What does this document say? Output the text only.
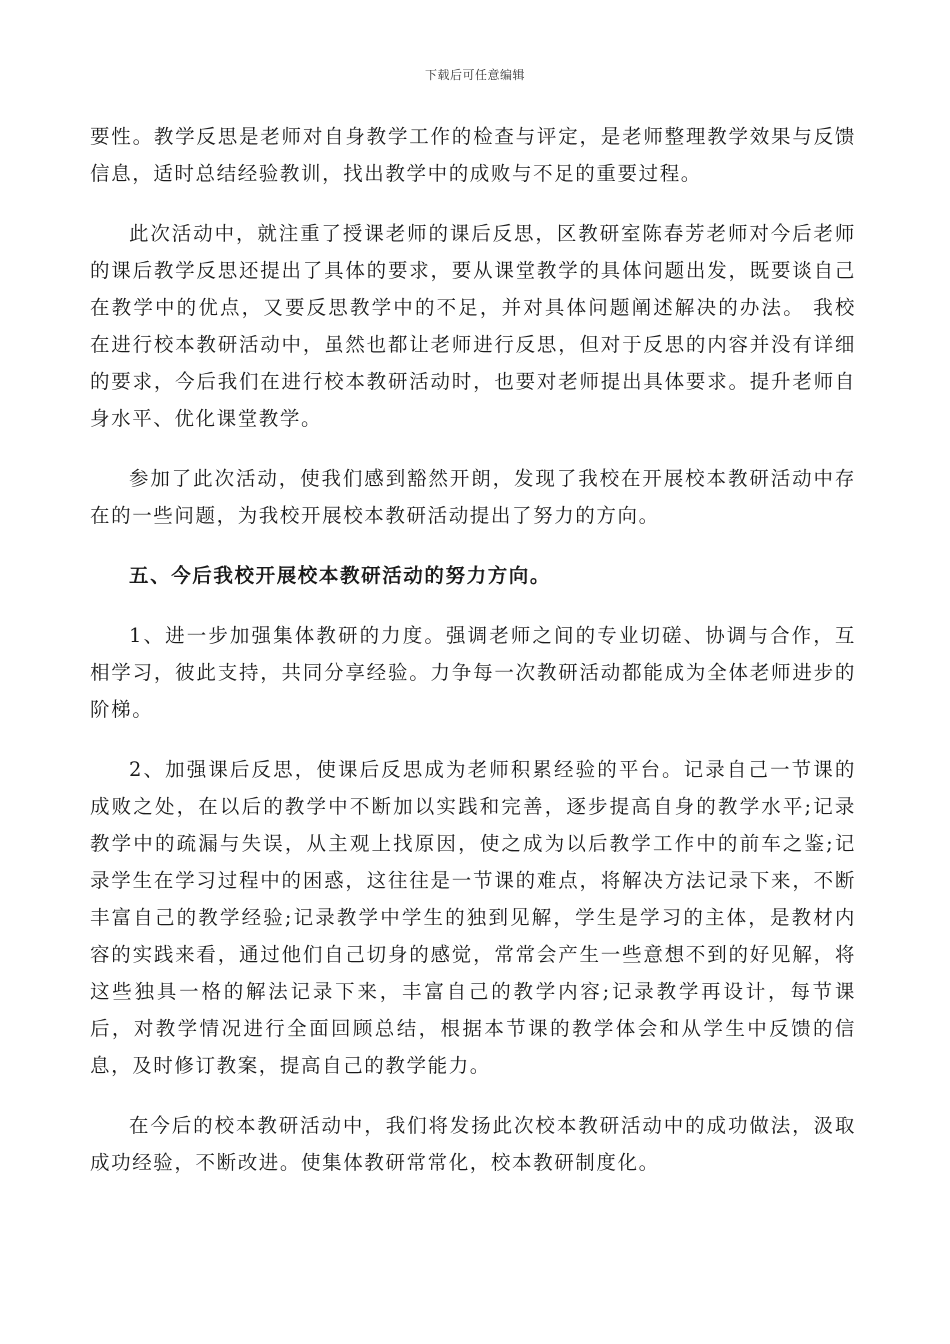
下载后可任意编辑

要性。教学反思是老师对自身教学工作的检查与评定，是老师整理教学效果与反馈信息，适时总结经验教训，找出教学中的成败与不足的重要过程。

此次活动中，就注重了授课老师的课后反思，区教研室陈春芳老师对今后老师的课后教学反思还提出了具体的要求，要从课堂教学的具体问题出发，既要谈自己在教学中的优点，又要反思教学中的不足，并对具体问题阐述解决的办法。 我校在进行校本教研活动中，虽然也都让老师进行反思，但对于反思的内容并没有详细的要求，今后我们在进行校本教研活动时，也要对老师提出具体要求。提升老师自身水平、优化课堂教学。

参加了此次活动，使我们感到豁然开朗，发现了我校在开展校本教研活动中存在的一些问题，为我校开展校本教研活动提出了努力的方向。

五、今后我校开展校本教研活动的努力方向。

1、进一步加强集体教研的力度。强调老师之间的专业切磋、协调与合作，互相学习，彼此支持，共同分享经验。力争每一次教研活动都能成为全体老师进步的阶梯。

2、加强课后反思，使课后反思成为老师积累经验的平台。记录自己一节课的成败之处，在以后的教学中不断加以实践和完善，逐步提高自身的教学水平;记录教学中的疏漏与失误，从主观上找原因，使之成为以后教学工作中的前车之鉴;记录学生在学习过程中的困惑，这往往是一节课的难点，将解决方法记录下来，不断丰富自己的教学经验;记录教学中学生的独到见解，学生是学习的主体，是教材内容的实践来看，通过他们自己切身的感觉，常常会产生一些意想不到的好见解，将这些独具一格的解法记录下来，丰富自己的教学内容;记录教学再设计，每节课后，对教学情况进行全面回顾总结，根据本节课的教学体会和从学生中反馈的信息，及时修订教案，提高自己的教学能力。

在今后的校本教研活动中，我们将发扬此次校本教研活动中的成功做法，汲取成功经验，不断改进。使集体教研常常化，校本教研制度化。
